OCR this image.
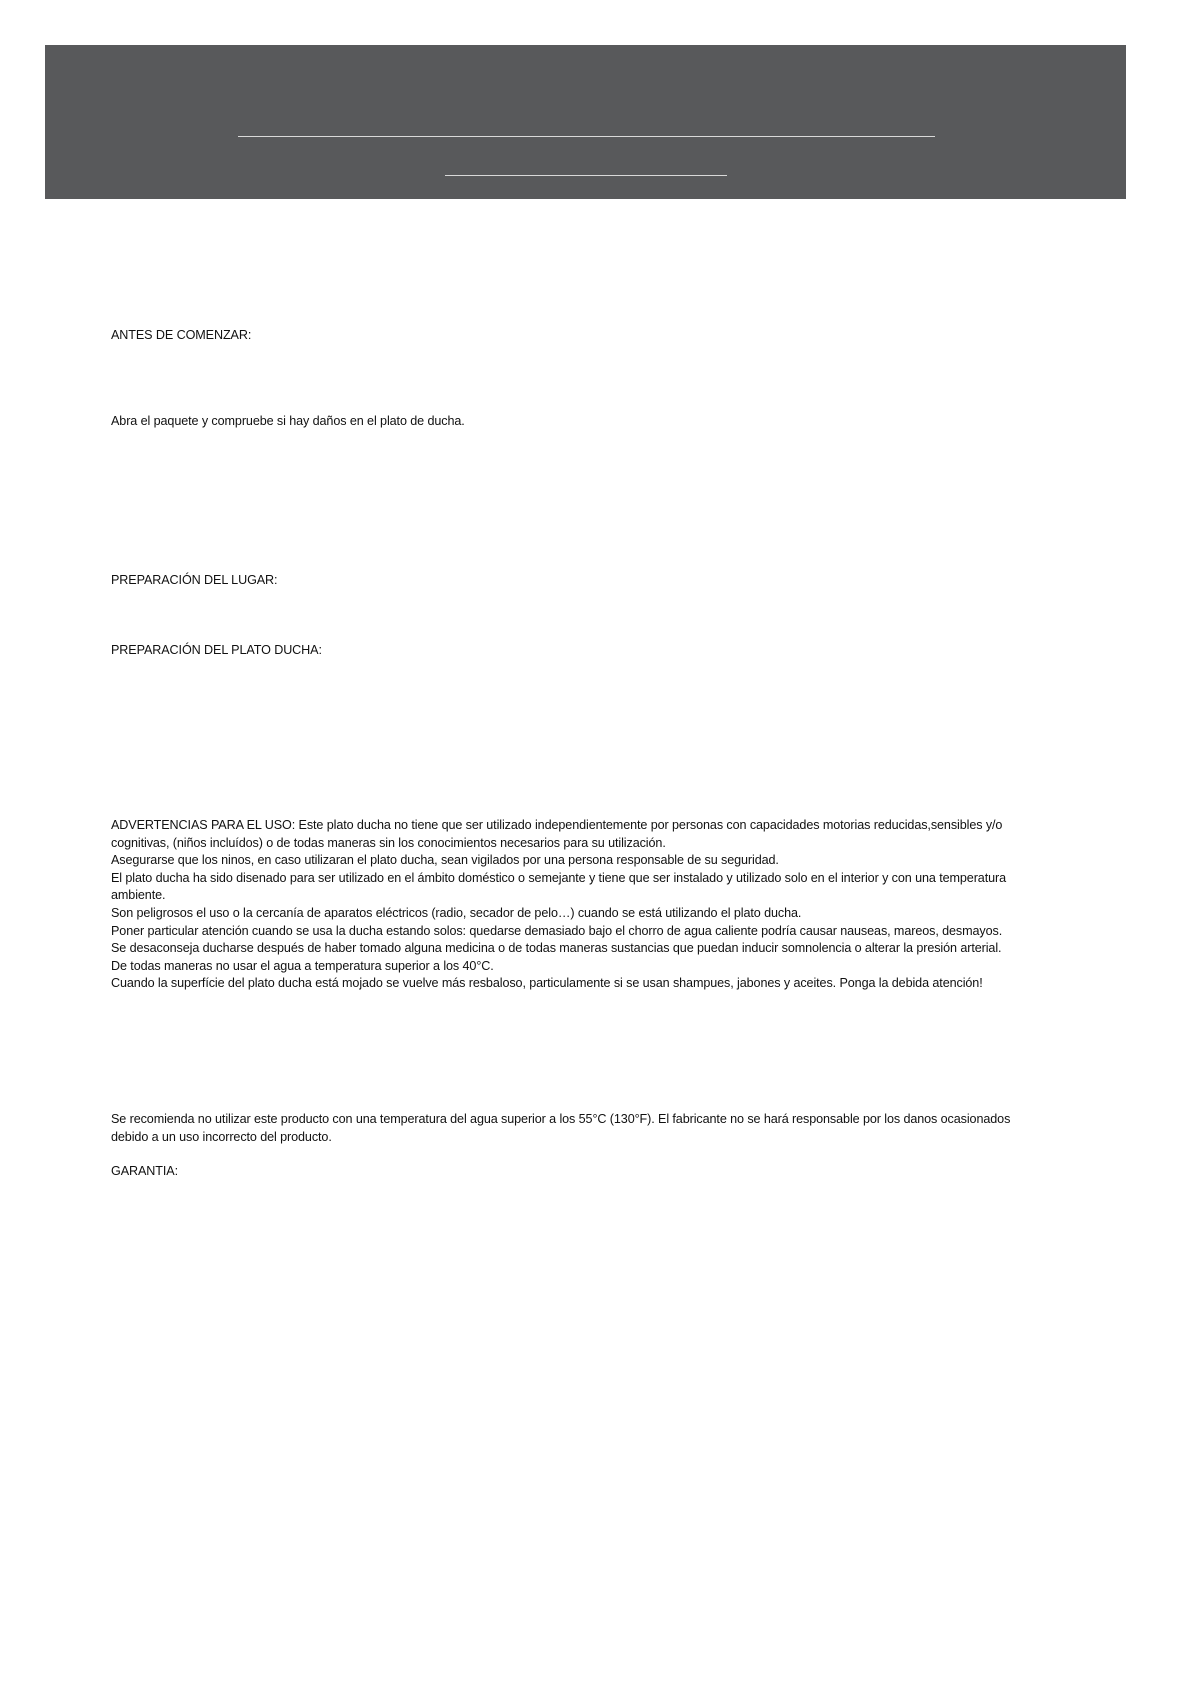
ANTES DE COMENZAR:
Abra el paquete y compruebe si hay daños en el plato de ducha.
PREPARACIÓN DEL LUGAR:
PREPARACIÓN DEL PLATO DUCHA:
ADVERTENCIAS PARA EL USO: Este plato ducha no tiene que ser utilizado independientemente por personas con capacidades motorias reducidas,sensibles y/o
cognitivas, (niños incluídos) o de todas maneras sin los conocimientos necesarios para su utilización.
Asegurarse que los ninos, en caso utilizaran el plato ducha, sean vigilados por una persona responsable de su seguridad.
El plato ducha ha sido disenado para ser utilizado en el ámbito doméstico o semejante y tiene que ser instalado y utilizado solo en el interior y con una temperatura
ambiente.
Son peligrosos el uso o la cercanía de aparatos eléctricos (radio, secador de pelo…) cuando se está utilizando el plato ducha.
Poner particular atención cuando se usa la ducha estando solos: quedarse demasiado bajo el chorro de agua caliente podría causar nauseas, mareos, desmayos.
Se desaconseja ducharse después de haber tomado alguna medicina o de todas maneras sustancias que puedan inducir somnolencia o alterar la presión arterial.
De todas maneras no usar el agua a temperatura superior a los 40°C.
Cuando la superfície del plato ducha está mojado se vuelve más resbaloso, particulamente si se usan shampues, jabones y aceites. Ponga la debida atención!
Se recomienda no utilizar este producto con una temperatura del agua superior a los 55°C (130°F). El fabricante no se hará responsable por los danos ocasionados
debido a un uso incorrecto del producto.
GARANTIA:
